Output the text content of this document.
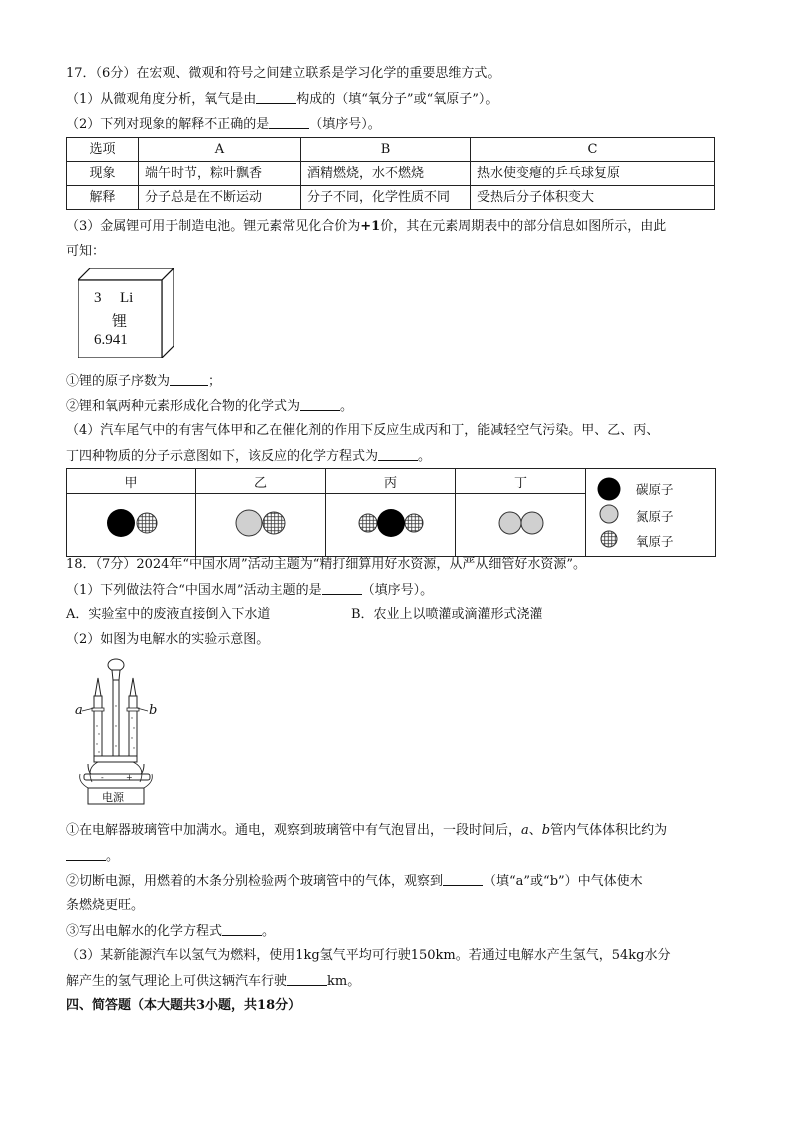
17．（6分）在宏观、微观和符号之间建立联系是学习化学的重要思维方式。
（1）从微观角度分析，氧气是由	构成的（填“氧分子”或“氧原子”）。
（2）下列对现象的解释不正确的是	（填序号）。
选项	A	B	C
现象	端午时节，粽叶飘香	酒精燃烧，水不燃烧	热水使变瘪的乒乓球复原
解释	分子总是在不断运动	分子不同，化学性质不同	受热后分子体积变大
（3）金属锂可用于制造电池。锂元素常见化合价为+1价，其在元素周期表中的部分信息如图所示，由此
可知：
3 Li
锂
6.941
①锂的原子序数为	；
②锂和氧两种元素形成化合物的化学式为	。
（4）汽车尾气中的有害气体甲和乙在催化剂的作用下反应生成丙和丁，能减轻空气污染。甲、乙、丙、
丁四种物质的分子示意图如下，该反应的化学方程式为	。
甲	乙	丙	丁	碳原子
氮原子
氧原子

18．（7分）2024年“中国水周”活动主题为“精打细算用好水资源，从严从细管好水资源”。
（1）下列做法符合“中国水周”活动主题的是	（填序号）。
A．实验室中的废液直接倒入下水道	B．农业上以喷灌或滴灌形式浇灌
（2）如图为电解水的实验示意图。
a	b
-	+
电源
①在电解器玻璃管中加满水。通电，观察到玻璃管中有气泡冒出，一段时间后，a、b管内气体体积比约为
。
②切断电源，用燃着的木条分别检验两个玻璃管中的气体，观察到	（填“a”或“b”）中气体使木
条燃烧更旺。
③写出电解水的化学方程式	。
（3）某新能源汽车以氢气为燃料，使用1kg氢气平均可行驶150km。若通过电解水产生氢气，54kg水分
解产生的氢气理论上可供这辆汽车行驶	km。
四、简答题（本大题共3小题，共18分）
